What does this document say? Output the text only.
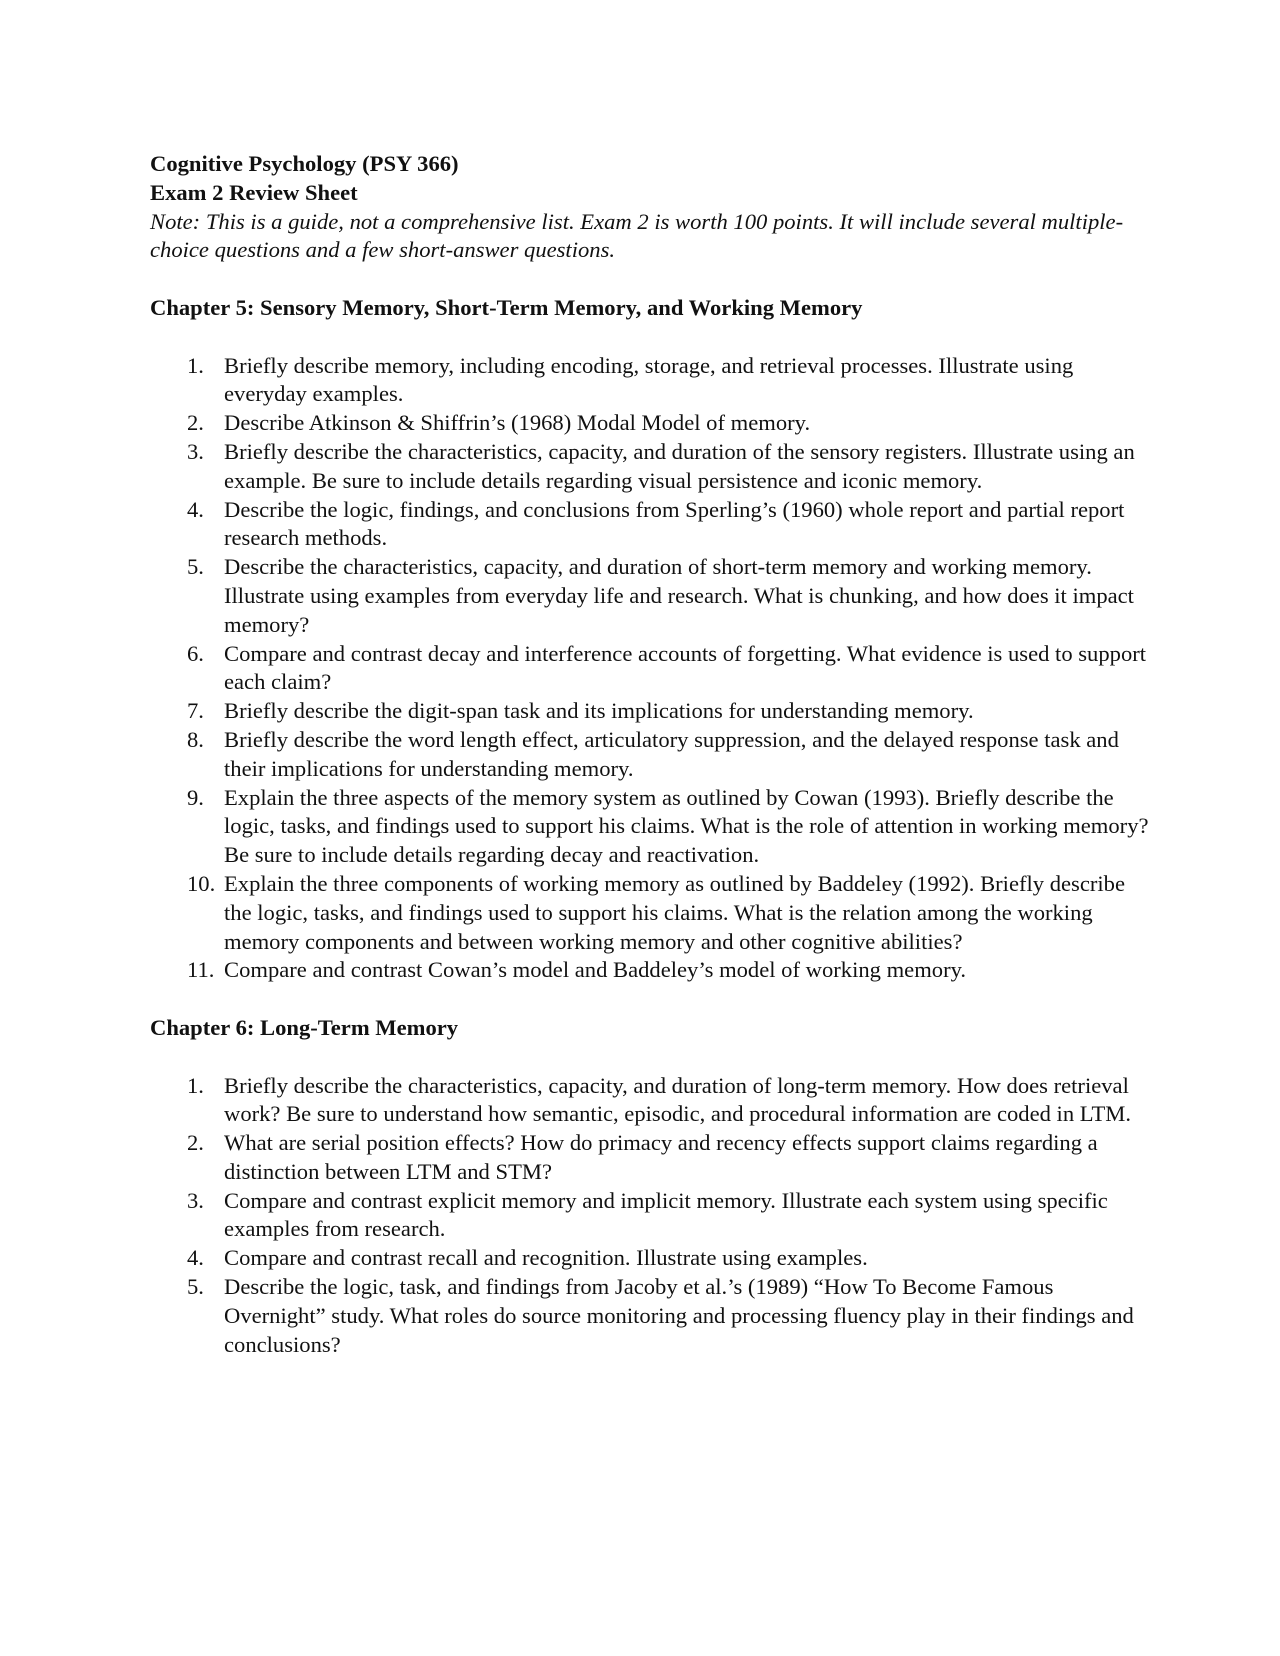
Cognitive Psychology (PSY 366)
Exam 2 Review Sheet

Note: This is a guide, not a comprehensive list. Exam 2 is worth 100 points. It will include several multiple-choice questions and a few short-answer questions.

Chapter 5: Sensory Memory, Short-Term Memory, and Working Memory
1. Briefly describe memory, including encoding, storage, and retrieval processes. Illustrate using everyday examples.
2. Describe Atkinson & Shiffrin’s (1968) Modal Model of memory.
3. Briefly describe the characteristics, capacity, and duration of the sensory registers. Illustrate using an example. Be sure to include details regarding visual persistence and iconic memory.
4. Describe the logic, findings, and conclusions from Sperling’s (1960) whole report and partial report research methods.
5. Describe the characteristics, capacity, and duration of short-term memory and working memory. Illustrate using examples from everyday life and research. What is chunking, and how does it impact memory?
6. Compare and contrast decay and interference accounts of forgetting. What evidence is used to support each claim?
7. Briefly describe the digit-span task and its implications for understanding memory.
8. Briefly describe the word length effect, articulatory suppression, and the delayed response task and their implications for understanding memory.
9. Explain the three aspects of the memory system as outlined by Cowan (1993). Briefly describe the logic, tasks, and findings used to support his claims. What is the role of attention in working memory? Be sure to include details regarding decay and reactivation.
10. Explain the three components of working memory as outlined by Baddeley (1992). Briefly describe the logic, tasks, and findings used to support his claims. What is the relation among the working memory components and between working memory and other cognitive abilities?
11. Compare and contrast Cowan’s model and Baddeley’s model of working memory.
Chapter 6: Long-Term Memory
1. Briefly describe the characteristics, capacity, and duration of long-term memory. How does retrieval work? Be sure to understand how semantic, episodic, and procedural information are coded in LTM.
2. What are serial position effects? How do primacy and recency effects support claims regarding a distinction between LTM and STM?
3. Compare and contrast explicit memory and implicit memory. Illustrate each system using specific examples from research.
4. Compare and contrast recall and recognition. Illustrate using examples.
5. Describe the logic, task, and findings from Jacoby et al.’s (1989) “How To Become Famous Overnight” study. What roles do source monitoring and processing fluency play in their findings and conclusions?
